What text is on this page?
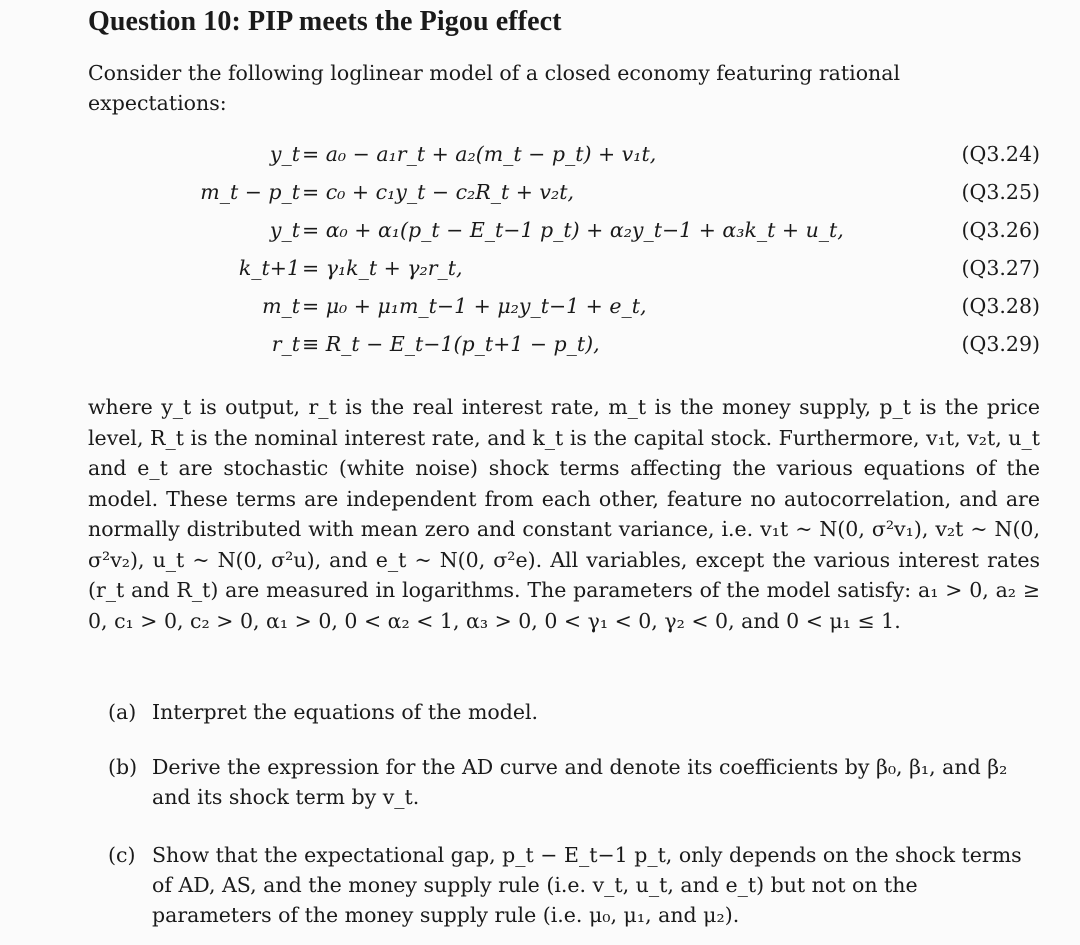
Question 10: PIP meets the Pigou effect
Consider the following loglinear model of a closed economy featuring rational expectations:
y_t = a₀ − a₁r_t + a₂(m_t − p_t) + v₁t,	(Q3.24)
m_t − p_t = c₀ + c₁y_t − c₂R_t + v₂t,	(Q3.25)
y_t = α₀ + α₁(p_t − E_t−1 p_t) + α₂y_t−1 + α₃k_t + u_t,	(Q3.26)
k_t+1 = γ₁k_t + γ₂r_t,	(Q3.27)
m_t = μ₀ + μ₁m_t−1 + μ₂y_t−1 + e_t,	(Q3.28)
r_t ≡ R_t − E_t−1(p_t+1 − p_t),	(Q3.29)
where y_t is output, r_t is the real interest rate, m_t is the money supply, p_t is the price level, R_t is the nominal interest rate, and k_t is the capital stock. Furthermore, v₁t, v₂t, u_t and e_t are stochastic (white noise) shock terms affecting the various equations of the model. These terms are independent from each other, feature no autocorrelation, and are normally distributed with mean zero and constant variance, i.e. v₁t ~ N(0, σ²v₁), v₂t ~ N(0, σ²v₂), u_t ~ N(0, σ²u), and e_t ~ N(0, σ²e). All variables, except the various interest rates (r_t and R_t) are measured in logarithms. The parameters of the model satisfy: a₁ > 0, a₂ ≥ 0, c₁ > 0, c₂ > 0, α₁ > 0, 0 < α₂ < 1, α₃ > 0, 0 < γ₁ < 0, γ₂ < 0, and 0 < μ₁ ≤ 1.
(a) Interpret the equations of the model.
(b) Derive the expression for the AD curve and denote its coefficients by β₀, β₁, and β₂ and its shock term by v_t.
(c) Show that the expectational gap, p_t − E_t−1 p_t, only depends on the shock terms of AD, AS, and the money supply rule (i.e. v_t, u_t, and e_t) but not on the parameters of the money supply rule (i.e. μ₀, μ₁, and μ₂).
